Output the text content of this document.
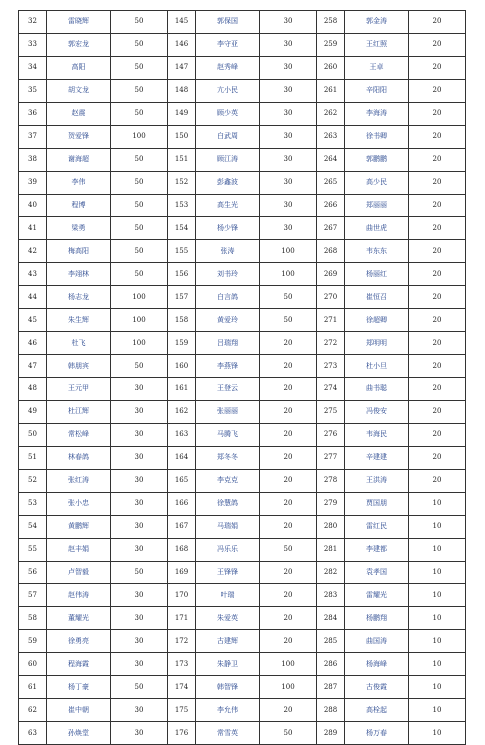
32	雷晓辉	50	145	郭保国	30	258	郭金涛	20
33	郭宏龙	50	146	李守亚	30	259	王红照	20
34	高阳	50	147	赵秀峰	30	260	王卓	20
35	胡文龙	50	148	亢小民	30	261	辛阳阳	20
36	赵震	50	149	顾少英	30	262	李海涛	20
37	贺爱锋	100	150	白武周	30	263	徐书卿	20
38	谢海超	50	151	顾江涛	30	264	郭鹏鹏	20
39	李伟	50	152	彭鑫波	30	265	高少民	20
40	程博	50	153	高生光	30	266	郑丽丽	20
41	梁勇	50	154	杨少锋	30	267	曲世虎	20
42	梅高阳	50	155	张涛	100	268	韦东东	20
43	李翊林	50	156	刘书玲	100	269	杨丽红	20
44	杨志龙	100	157	白言鸽	50	270	崔恒召	20
45	朱生辉	100	158	黄爱玲	50	271	徐超卿	20
46	杜飞	100	159	吕瑞翔	20	272	郑明明	20
47	韩朋宾	50	160	李燕锋	20	273	杜小旦	20
48	王元甲	30	161	王登云	20	274	曲书聪	20
49	杜江辉	30	162	张丽丽	20	275	冯俊安	20
50	常松峰	30	163	马腾飞	20	276	韦海民	20
51	林春鸽	30	164	郑冬冬	20	277	辛建建	20
52	张红涛	30	165	李克克	20	278	王洪涛	20
53	张小忠	30	166	徐慧鸽	20	279	贾国朋	10
54	黄鹏辉	30	167	马瑞娟	20	280	雷红民	10
55	赵丰娟	30	168	冯乐乐	50	281	李建都	10
56	卢智毅	50	169	王锋锋	20	282	袁孝国	10
57	赵伟涛	30	170	叶瑞	20	283	雷耀光	10
58	董耀光	30	171	朱爱英	20	284	杨鹏翔	10
59	徐勇亮	30	172	古建辉	20	285	曲国涛	10
60	程海霞	30	173	朱静卫	100	286	杨海峰	10
61	杨丁豪	50	174	韩智锋	100	287	古俊霞	10
62	崔中朝	30	175	李允伟	20	288	高栓起	10
63	孙焕堂	30	176	常雪英	50	289	杨万春	10
